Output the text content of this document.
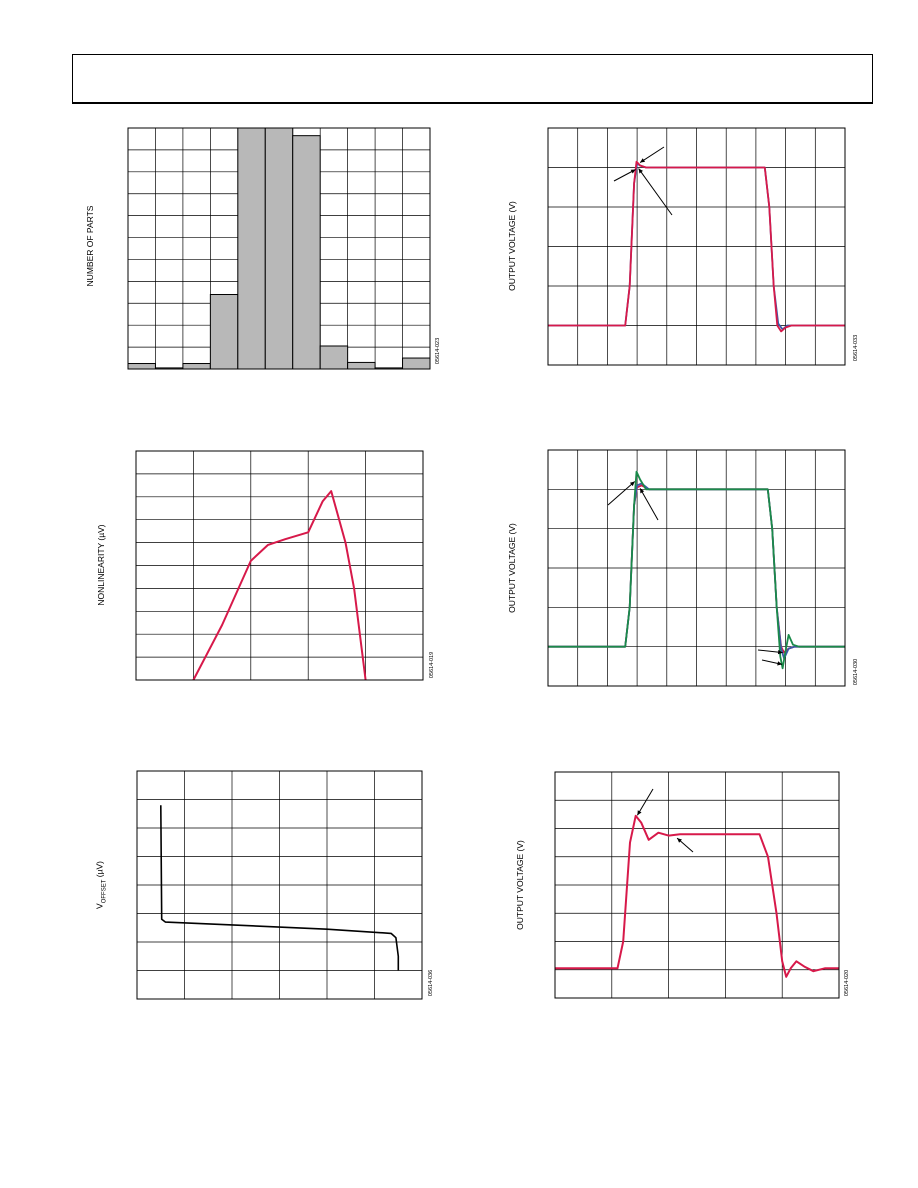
NUMBER OF PARTS
05614-023
NONLINEARITY (µV)
05614-019
$V_{OFFSET}$ (µV)
05614-036
OUTPUT VOLTAGE (V)
05614-033
OUTPUT VOLTAGE (V)
05614-030
OUTPUT VOLTAGE (V)
05614-020
